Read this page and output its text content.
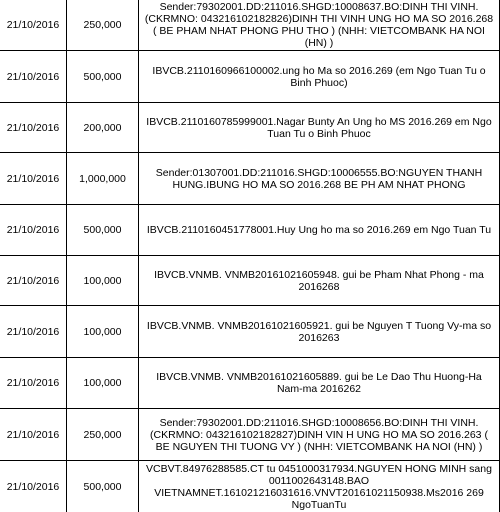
21/10/2016	250,000	Sender:79302001.DD:211016.SHGD:10008637.BO:DINH THI VINH.(CKRMNO: 043216102182826)DINH THI VINH UNG HO MA SO 2016.268 ( BE PHAM NHAT PHONG PHU THO ) (NHH: VIETCOMBANK HA NOI (HN) )
21/10/2016	500,000	IBVCB.2110160966100002.ung ho Ma so 2016.269 (em Ngo Tuan Tu o Binh Phuoc)
21/10/2016	200,000	IBVCB.2110160785999001.Nagar Bunty An Ung ho MS 2016.269 em Ngo Tuan Tu o Binh Phuoc
21/10/2016	1,000,000	Sender:01307001.DD:211016.SHGD:10006555.BO:NGUYEN THANH HUNG.IBUNG HO MA SO 2016.268 BE PH AM NHAT PHONG
21/10/2016	500,000	IBVCB.2110160451778001.Huy Ung ho ma so 2016.269 em Ngo Tuan Tu
21/10/2016	100,000	IBVCB.VNMB. VNMB20161021605948. gui be Pham Nhat Phong - ma 2016268
21/10/2016	100,000	IBVCB.VNMB. VNMB20161021605921. gui be Nguyen T Tuong Vy-ma so 2016263
21/10/2016	100,000	IBVCB.VNMB. VNMB20161021605889. gui be Le Dao Thu Huong-Ha Nam-ma 2016262
21/10/2016	250,000	Sender:79302001.DD:211016.SHGD:10008656.BO:DINH THI VINH.(CKRMNO: 043216102182827)DINH VIN H UNG HO MA SO 2016.263 ( BE NGUYEN THI TUONG VY ) (NHH: VIETCOMBANK HA NOI (HN) )
21/10/2016	500,000	VCBVT.84976288585.CT tu 0451000317934.NGUYEN HONG MINH sang 0011002643148.BAO VIETNAMNET.161021216031616.VNVT20161021150938.Ms2016 269 NgoTuanTu
